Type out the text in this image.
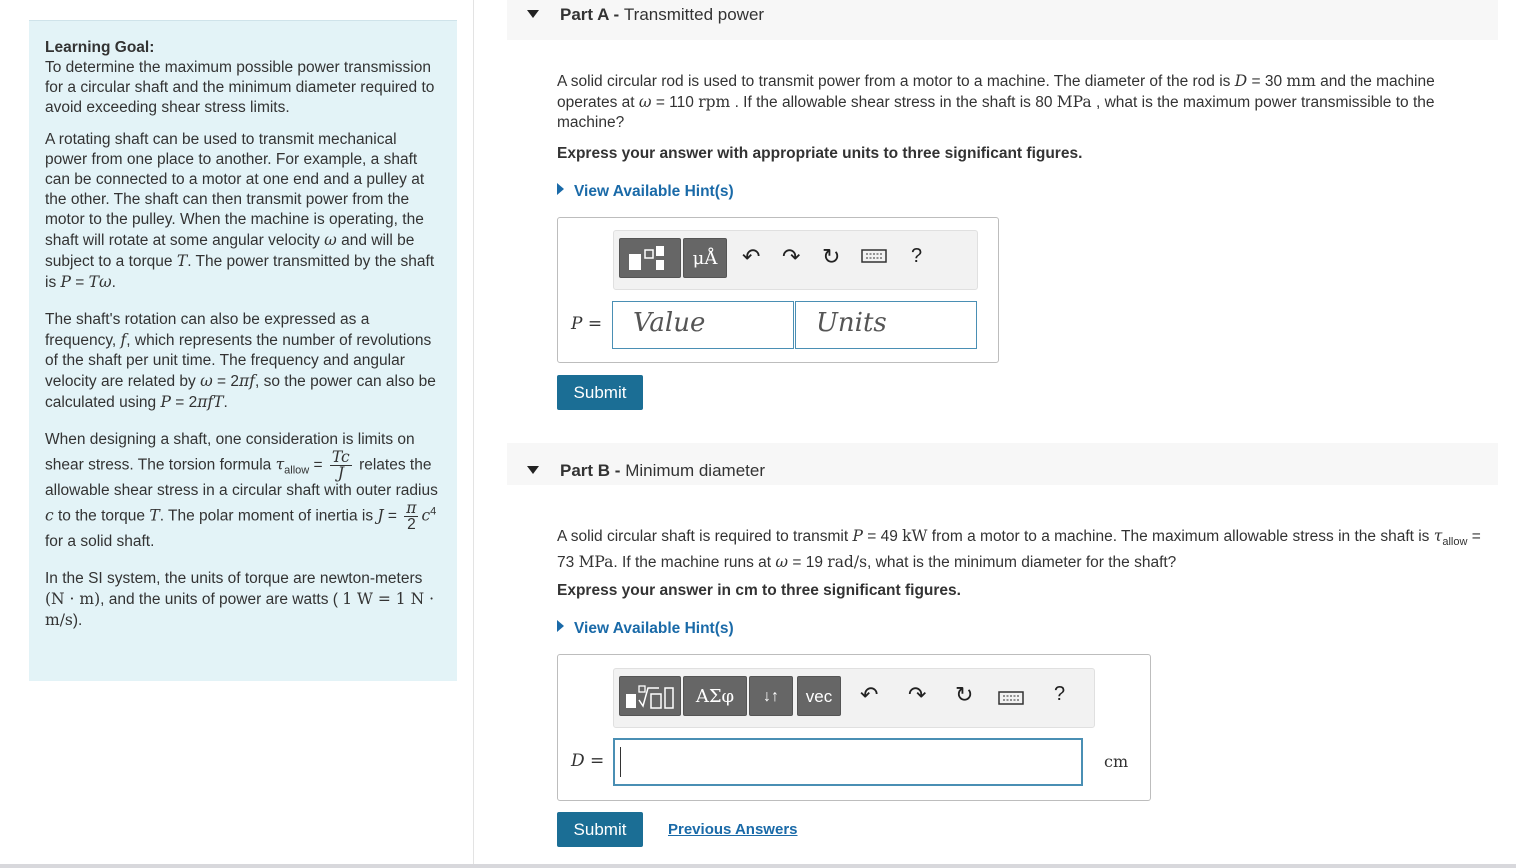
Learning Goal:

To determine the maximum possible power transmission for a circular shaft and the minimum diameter required to avoid exceeding shear stress limits.

A rotating shaft can be used to transmit mechanical power from one place to another. For example, a shaft can be connected to a motor at one end and a pulley at the other. The shaft can then transmit power from the motor to the pulley. When the machine is operating, the shaft will rotate at some angular velocity ω and will be subject to a torque T. The power transmitted by the shaft is P = Tω.

The shaft's rotation can also be expressed as a frequency, f, which represents the number of revolutions of the shaft per unit time. The frequency and angular velocity are related by ω = 2πf, so the power can also be calculated using P = 2πfT.

When designing a shaft, one consideration is limits on shear stress. The torsion formula $\tau_{allow} = \frac{Tc}{J}$ relates the allowable shear stress in a circular shaft with outer radius c to the torque T. The polar moment of inertia is $J = \frac{\pi}{2} c^4$ for a solid shaft.

In the SI system, the units of torque are newton-meters (N · m), and the units of power are watts ( 1 W = 1 N · m/s).

Part A - Transmitted power
A solid circular rod is used to transmit power from a motor to a machine. The diameter of the rod is D = 30 mm and the machine operates at ω = 110 rpm . If the allowable shear stress in the shaft is 80 MPa , what is the maximum power transmissible to the machine?
Express your answer with appropriate units to three significant figures.
View Available Hint(s)
μÅ	↶ ↷ ↻	?
P = Value	Units
Submit
Part B - Minimum diameter
A solid circular shaft is required to transmit P = 49 kW from a motor to a machine. The maximum allowable stress in the shaft is $\tau_{allow} = 73$ MPa. If the machine runs at ω = 19 rad/s, what is the minimum diameter for the shaft?
Express your answer in cm to three significant figures.
View Available Hint(s)
ΑΣφ	↓↑	vec	↶ ↷ ↻	?
D =	cm
Submit	Previous Answers
